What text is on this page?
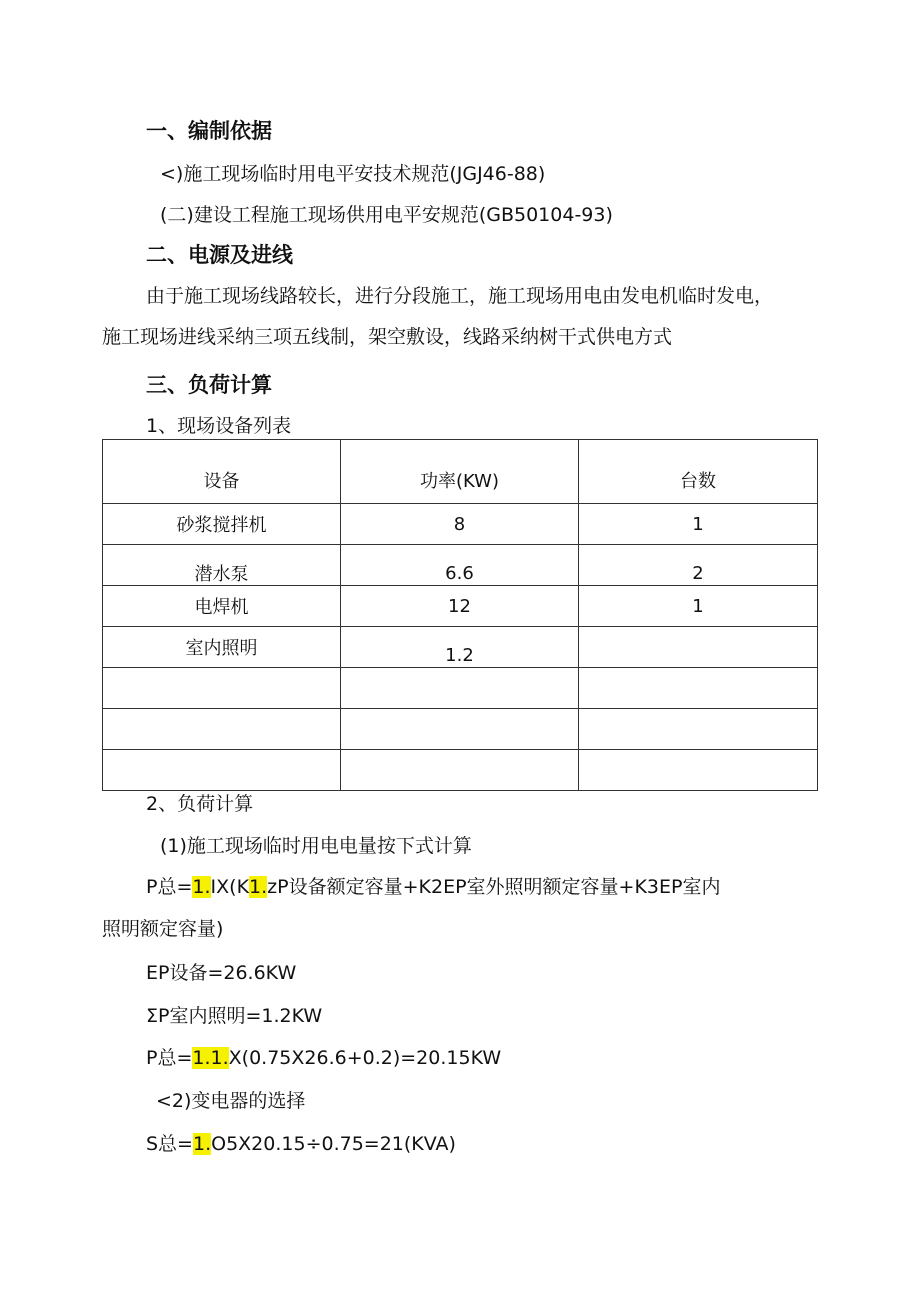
一、编制依据
<)施工现场临时用电平安技术规范(JGJ46-88)
(二)建设工程施工现场供用电平安规范(GB50104-93)
二、电源及进线
由于施工现场线路较长，进行分段施工，施工现场用电由发电机临时发电，
施工现场进线采纳三项五线制，架空敷设，线路采纳树干式供电方式
三、负荷计算
1、现场设备列表
设备	功率(KW)	台数
砂浆搅拌机	8	1
潜水泵	6.6	2
电焊机	12	1
室内照明	1.2	

2、负荷计算
(1)施工现场临时用电电量按下式计算
P总=1.IX(K1.zP设备额定容量+K2EP室外照明额定容量+K3EP室内
照明额定容量)
EP设备=26.6KW
ΣP室内照明=1.2KW
P总=1.1.X(0.75X26.6+0.2)=20.15KW
<2)变电器的选择
S总=1.O5X20.15÷0.75=21(KVA)
